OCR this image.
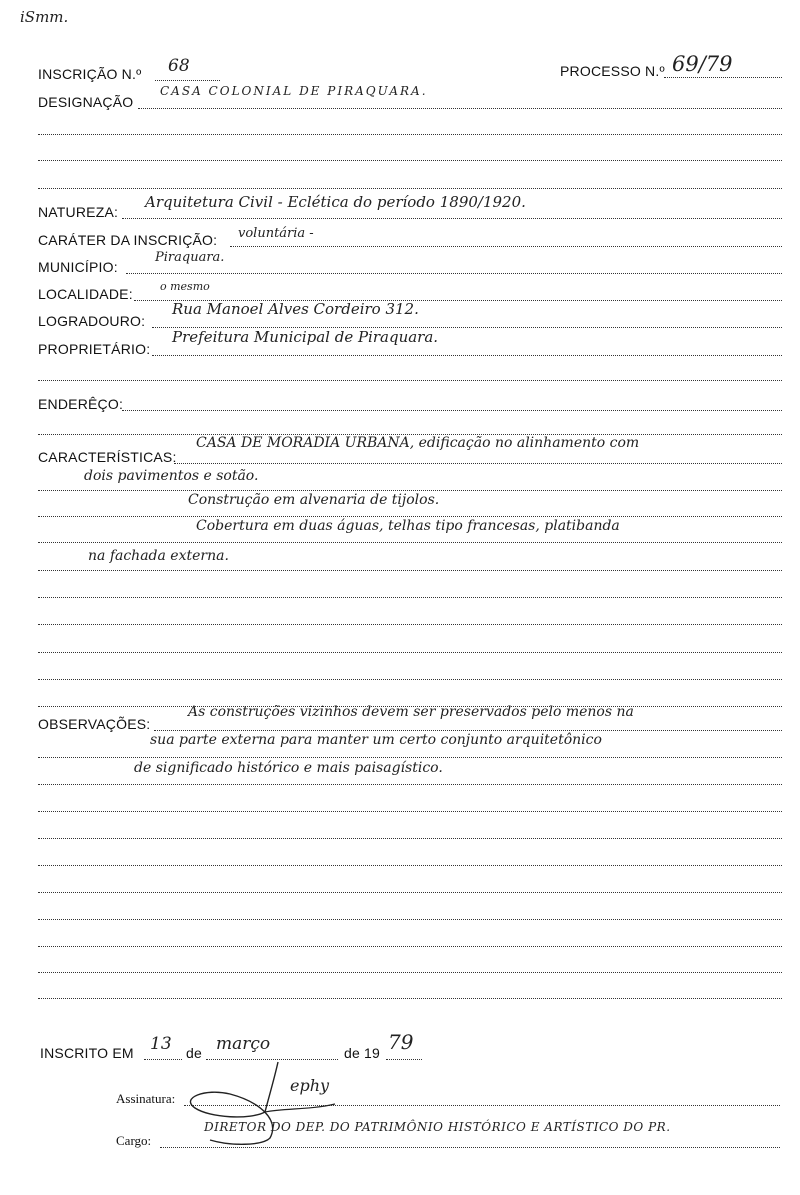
iSmm.
INSCRIÇÃO N.º 68	PROCESSO N.º 69/79
DESIGNAÇÃO
CASA COLONIAL DE PIRAQUARA.
NATUREZA:
Arquitetura Civil - Eclética do período 1890/1920.
CARÁTER DA INSCRIÇÃO: voluntária -
MUNICÍPIO:
Piraquara.
LOCALIDADE: o mesmo
LOGRADOURO:
Rua Manoel Alves Cordeiro 312.
PROPRIETÁRIO:
Prefeitura Municipal de Piraquara.
ENDERÊÇO:
CARACTERÍSTICAS:
CASA DE MORADIA URBANA, edificação no alinhamento com
dois pavimentos e sotão.
Construção em alvenaria de tijolos.
Cobertura em duas águas, telhas tipo francesas, platibanda
na fachada externa.
OBSERVAÇÕES:
As construções vizinhos devem ser preservados pelo menos na
sua parte externa para manter um certo conjunto arquitetônico
de significado histórico e mais paisagístico.
INSCRITO EM 13 de março	de 19 79
Assinatura:
ephy
Cargo:
DIRETOR DO DEP. DO PATRIMÔNIO HISTÓRICO E ARTÍSTICO DO PR.
